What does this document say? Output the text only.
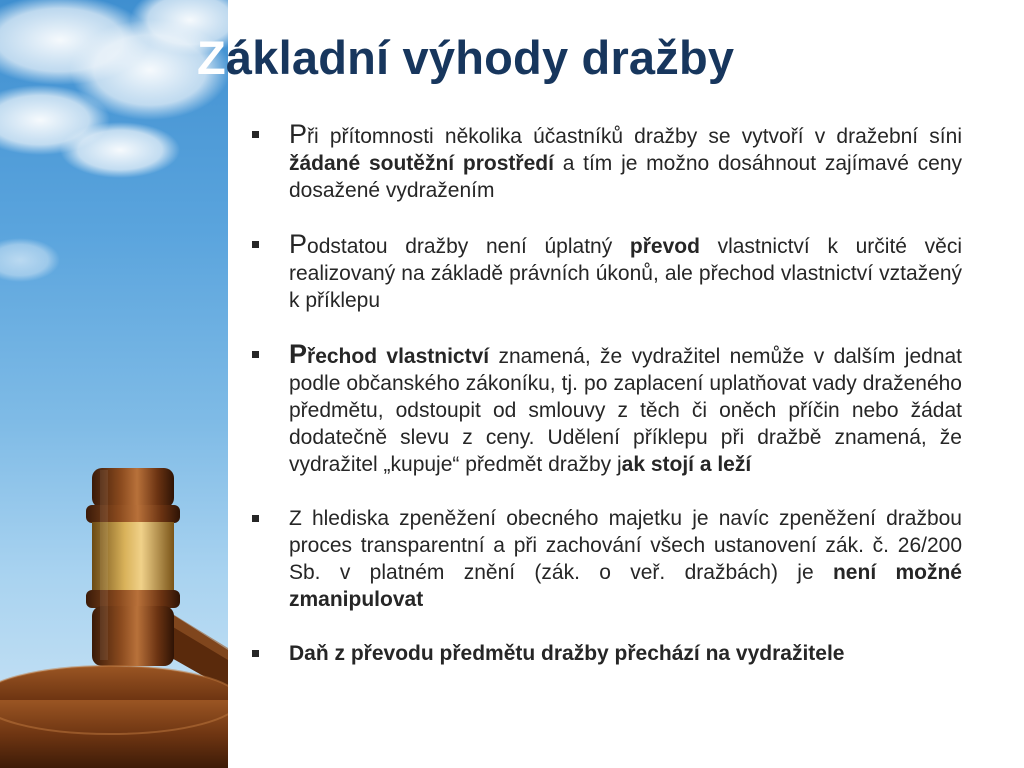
Základní výhody dražby

Při přítomnosti několika účastníků dražby se vytvoří v dražební síni žádané soutěžní prostředí a tím je možno dosáhnout zajímavé ceny dosažené vydražením

Podstatou dražby není úplatný převod vlastnictví k určité věci realizovaný na základě právních úkonů, ale přechod vlastnictví vztažený k příklepu

Přechod vlastnictví znamená, že vydražitel nemůže v dalším jednat podle občanského zákoníku, tj. po zaplacení uplatňovat vady draženého předmětu, odstoupit od smlouvy z těch či oněch příčin nebo žádat dodatečně slevu z ceny. Udělení příklepu při dražbě znamená, že vydražitel „kupuje“ předmět dražby jak stojí a leží

Z hlediska zpeněžení obecného majetku je navíc zpeněžení dražbou proces transparentní a při zachování všech ustanovení zák. č. 26/200 Sb. v platném znění (zák. o veř. dražbách) je není možné zmanipulovat

Daň z převodu předmětu dražby přechází na vydražitele
